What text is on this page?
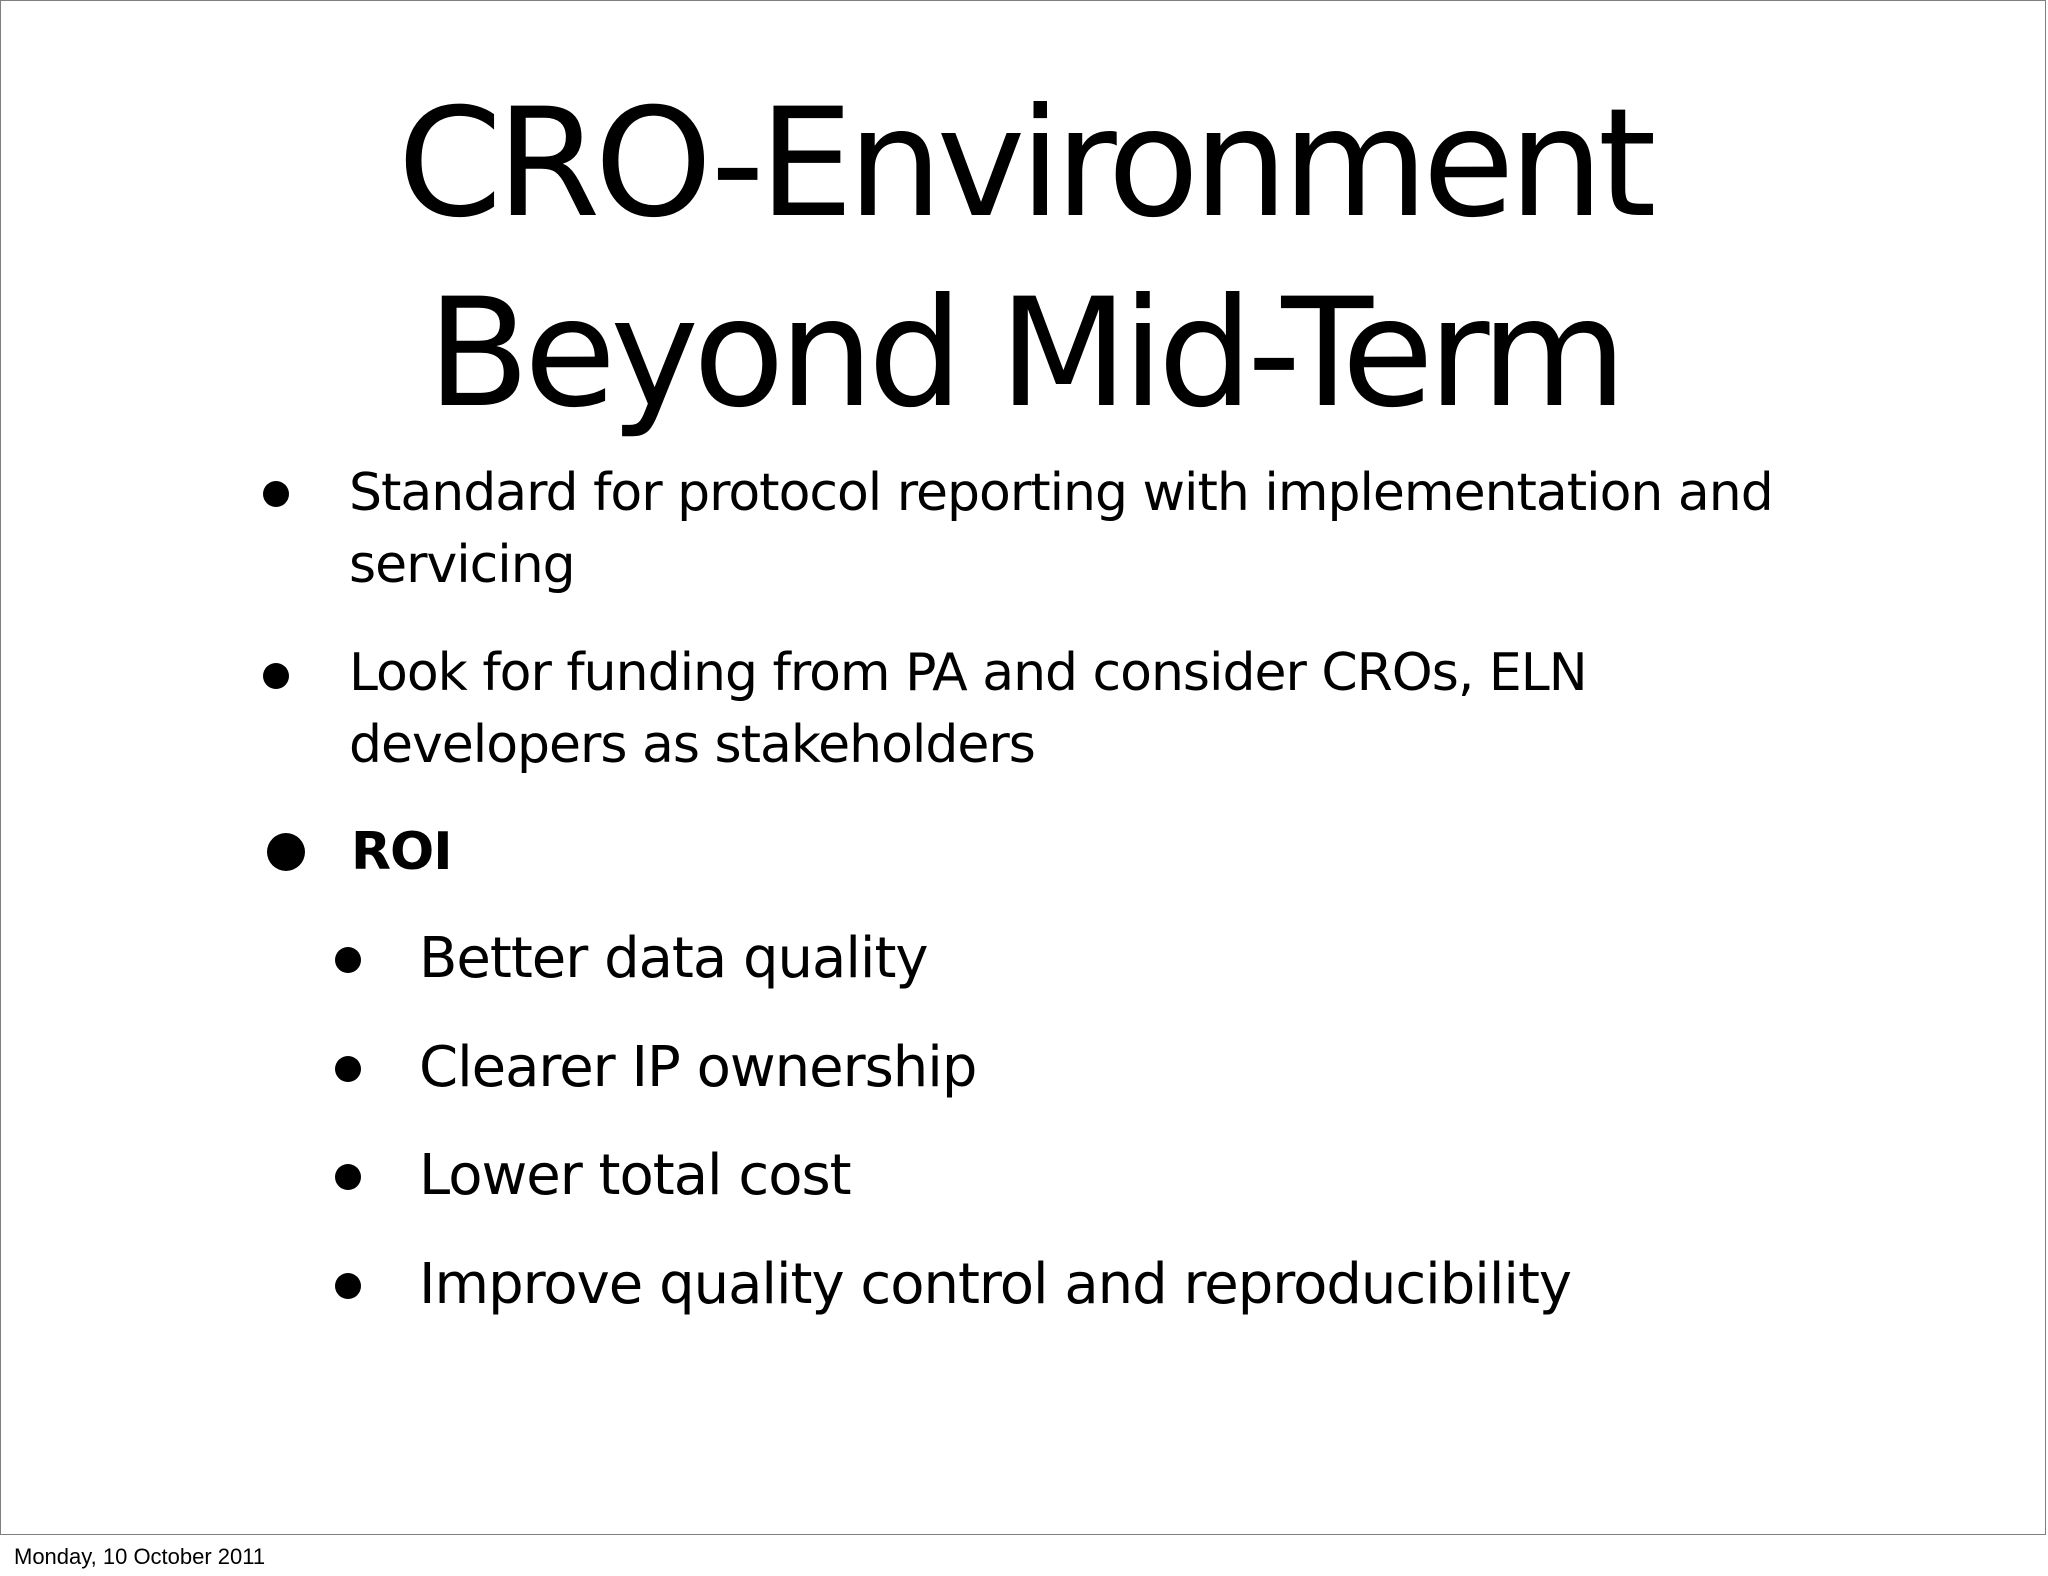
CRO-Environment
Beyond Mid-Term
Standard for protocol reporting with implementation and
servicing
Look for funding from PA and consider CROs, ELN
developers as stakeholders
ROI
Better data quality
Clearer IP ownership
Lower total cost
Improve quality control and reproducibility
Monday, 10 October 2011
